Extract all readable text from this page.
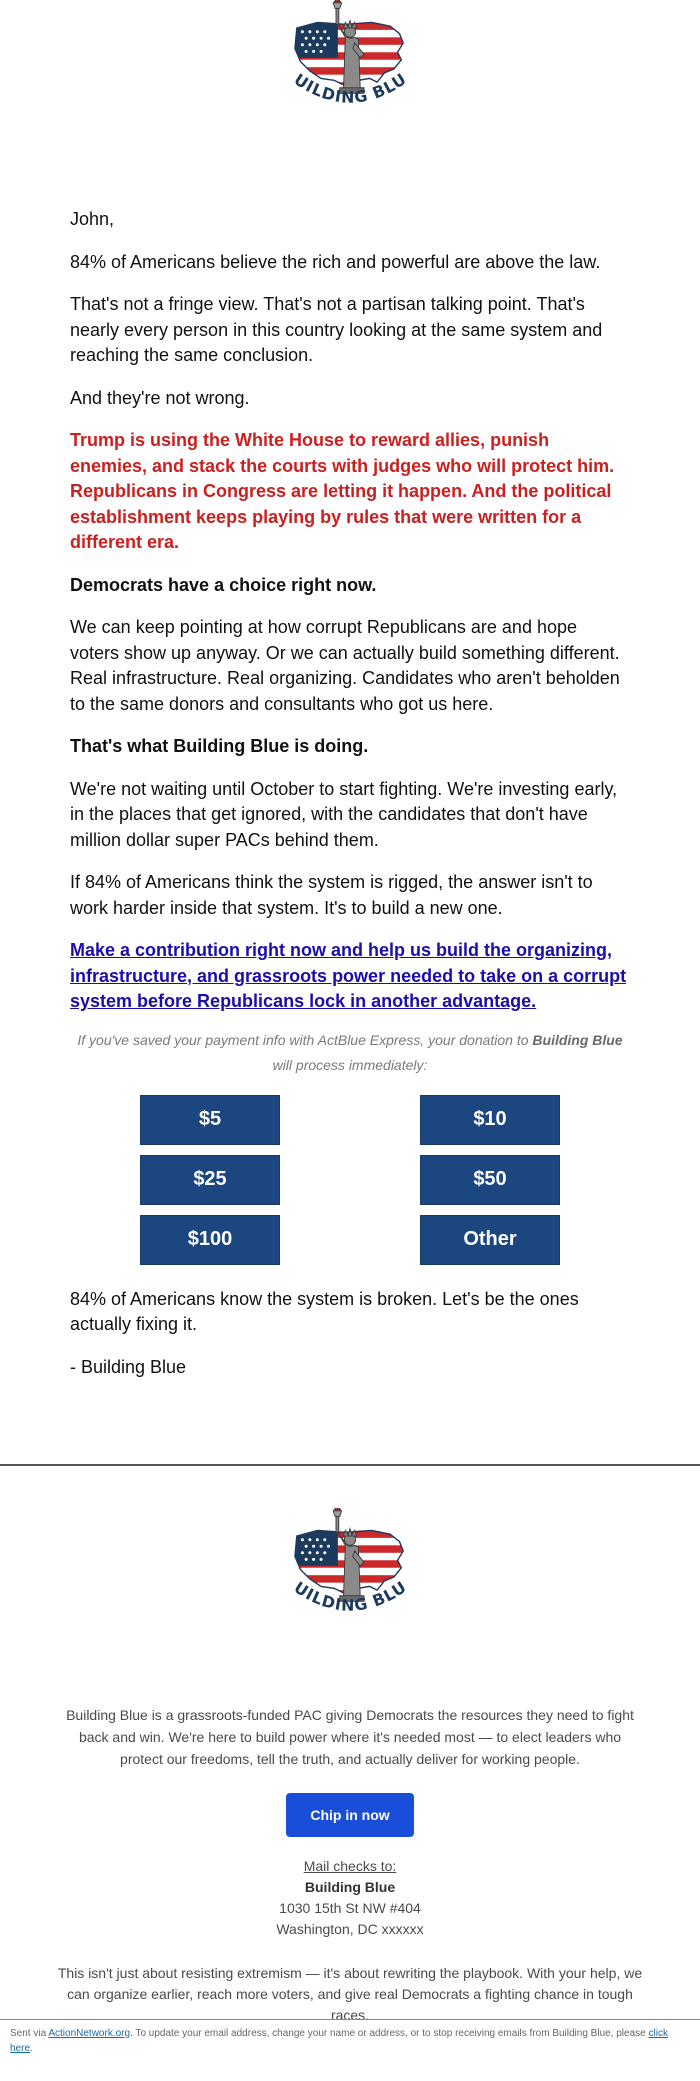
John,

84% of Americans believe the rich and powerful are above the law.

That's not a fringe view. That's not a partisan talking point. That's nearly every person in this country looking at the same system and reaching the same conclusion.

And they're not wrong.

Trump is using the White House to reward allies, punish enemies, and stack the courts with judges who will protect him. Republicans in Congress are letting it happen. And the political establishment keeps playing by rules that were written for a different era.

Democrats have a choice right now.

We can keep pointing at how corrupt Republicans are and hope voters show up anyway. Or we can actually build something different. Real infrastructure. Real organizing. Candidates who aren't beholden to the same donors and consultants who got us here.

That's what Building Blue is doing.

We're not waiting until October to start fighting. We're investing early, in the places that get ignored, with the candidates that don't have million dollar super PACs behind them.

If 84% of Americans think the system is rigged, the answer isn't to work harder inside that system. It's to build a new one.

Make a contribution right now and help us build the organizing, infrastructure, and grassroots power needed to take on a corrupt system before Republicans lock in another advantage.
If you've saved your payment info with ActBlue Express, your donation to Building Blue will process immediately:
$5	$10
$25	$50
$100	Other

84% of Americans know the system is broken. Let's be the ones actually fixing it.

- Building Blue

Building Blue is a grassroots-funded PAC giving Democrats the resources they need to fight back and win. We're here to build power where it's needed most — to elect leaders who protect our freedoms, tell the truth, and actually deliver for working people.
Chip in now
Mail checks to:
Building Blue
1030 15th St NW #404
Washington, DC xxxxxx
This isn't just about resisting extremism — it's about rewriting the playbook. With your help, we can organize earlier, reach more voters, and give real Democrats a fighting chance in tough races.
Sent via ActionNetwork.org. To update your email address, change your name or address, or to stop receiving emails from Building Blue, please click here.
